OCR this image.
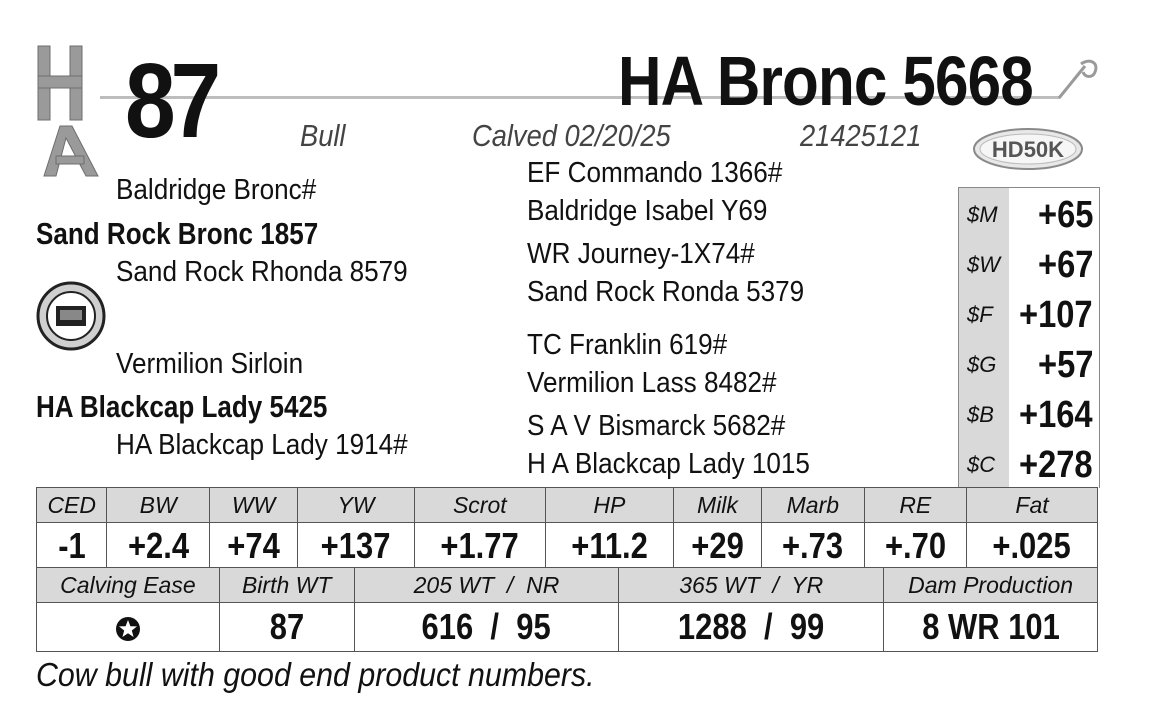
87	HA Bronc 5668
Bull	Calved 02/20/25	21425121	HD50K
Baldridge Bronc#
Sand Rock Bronc 1857
Sand Rock Rhonda 8579
Vermilion Sirloin
HA Blackcap Lady 5425
HA Blackcap Lady 1914#
EF Commando 1366#
Baldridge Isabel Y69
WR Journey-1X74#
Sand Rock Ronda 5379
TC Franklin 619#
Vermilion Lass 8482#
S A V Bismarck 5682#
H A Blackcap Lady 1015
$M +65
$W +67
$F +107
$G +57
$B +164
$C +278
CED	BW	WW	YW	Scrot	HP	Milk	Marb	RE	Fat
-1	+2.4	+74	+137	+1.77	+11.2	+29	+.73	+.70	+.025
Calving Ease	Birth WT	205 WT  /  NR	365 WT  /  YR	Dam Production
	87	616 / 95	1288 / 99	8 WR 101
Cow bull with good end product numbers.
